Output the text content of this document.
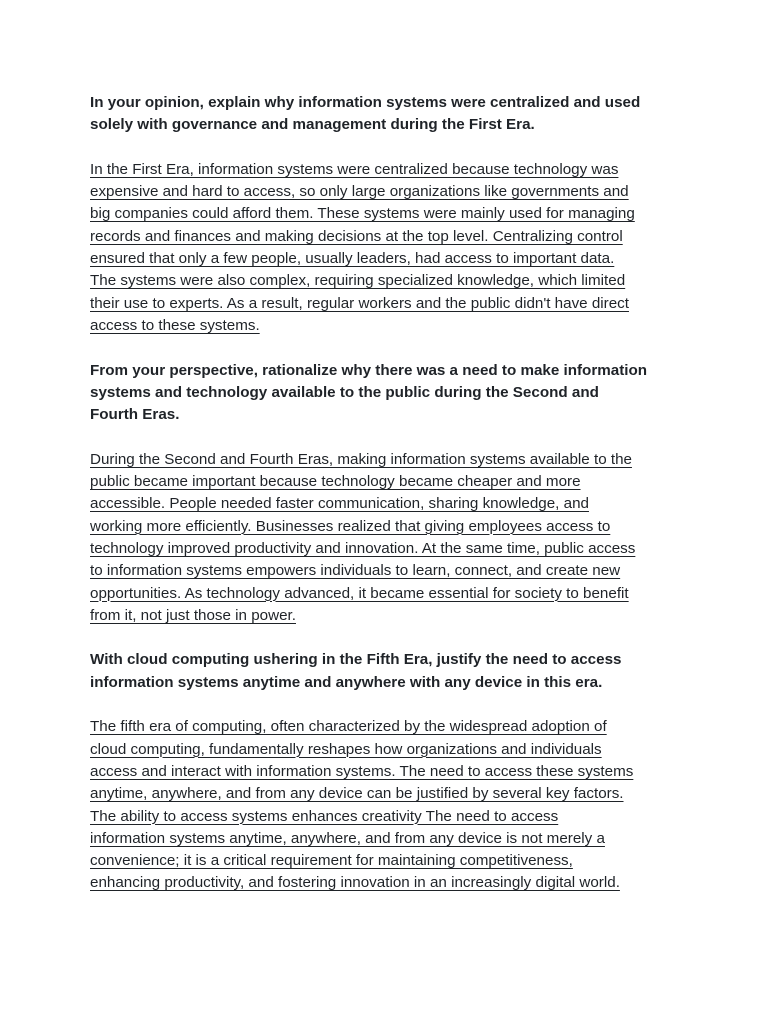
In your opinion, explain why information systems were centralized and used solely with governance and management during the First Era.

In the First Era, information systems were centralized because technology was
expensive and hard to access, so only large organizations like governments and
big companies could afford them. These systems were mainly used for managing
records and finances and making decisions at the top level. Centralizing control
ensured that only a few people, usually leaders, had access to important data.
The systems were also complex, requiring specialized knowledge, which limited
their use to experts. As a result, regular workers and the public didn't have direct
access to these systems.

From your perspective, rationalize why there was a need to make information systems and technology available to the public during the Second and Fourth Eras.

During the Second and Fourth Eras, making information systems available to the
public became important because technology became cheaper and more
accessible. People needed faster communication, sharing knowledge, and
working more efficiently. Businesses realized that giving employees access to
technology improved productivity and innovation. At the same time, public access
to information systems empowers individuals to learn, connect, and create new
opportunities. As technology advanced, it became essential for society to benefit
from it, not just those in power.

With cloud computing ushering in the Fifth Era, justify the need to access information systems anytime and anywhere with any device in this era.

The fifth era of computing, often characterized by the widespread adoption of
cloud computing, fundamentally reshapes how organizations and individuals
access and interact with information systems. The need to access these systems
anytime, anywhere, and from any device can be justified by several key factors.
The ability to access systems enhances creativity The need to access
information systems anytime, anywhere, and from any device is not merely a
convenience; it is a critical requirement for maintaining competitiveness,
enhancing productivity, and fostering innovation in an increasingly digital world.
